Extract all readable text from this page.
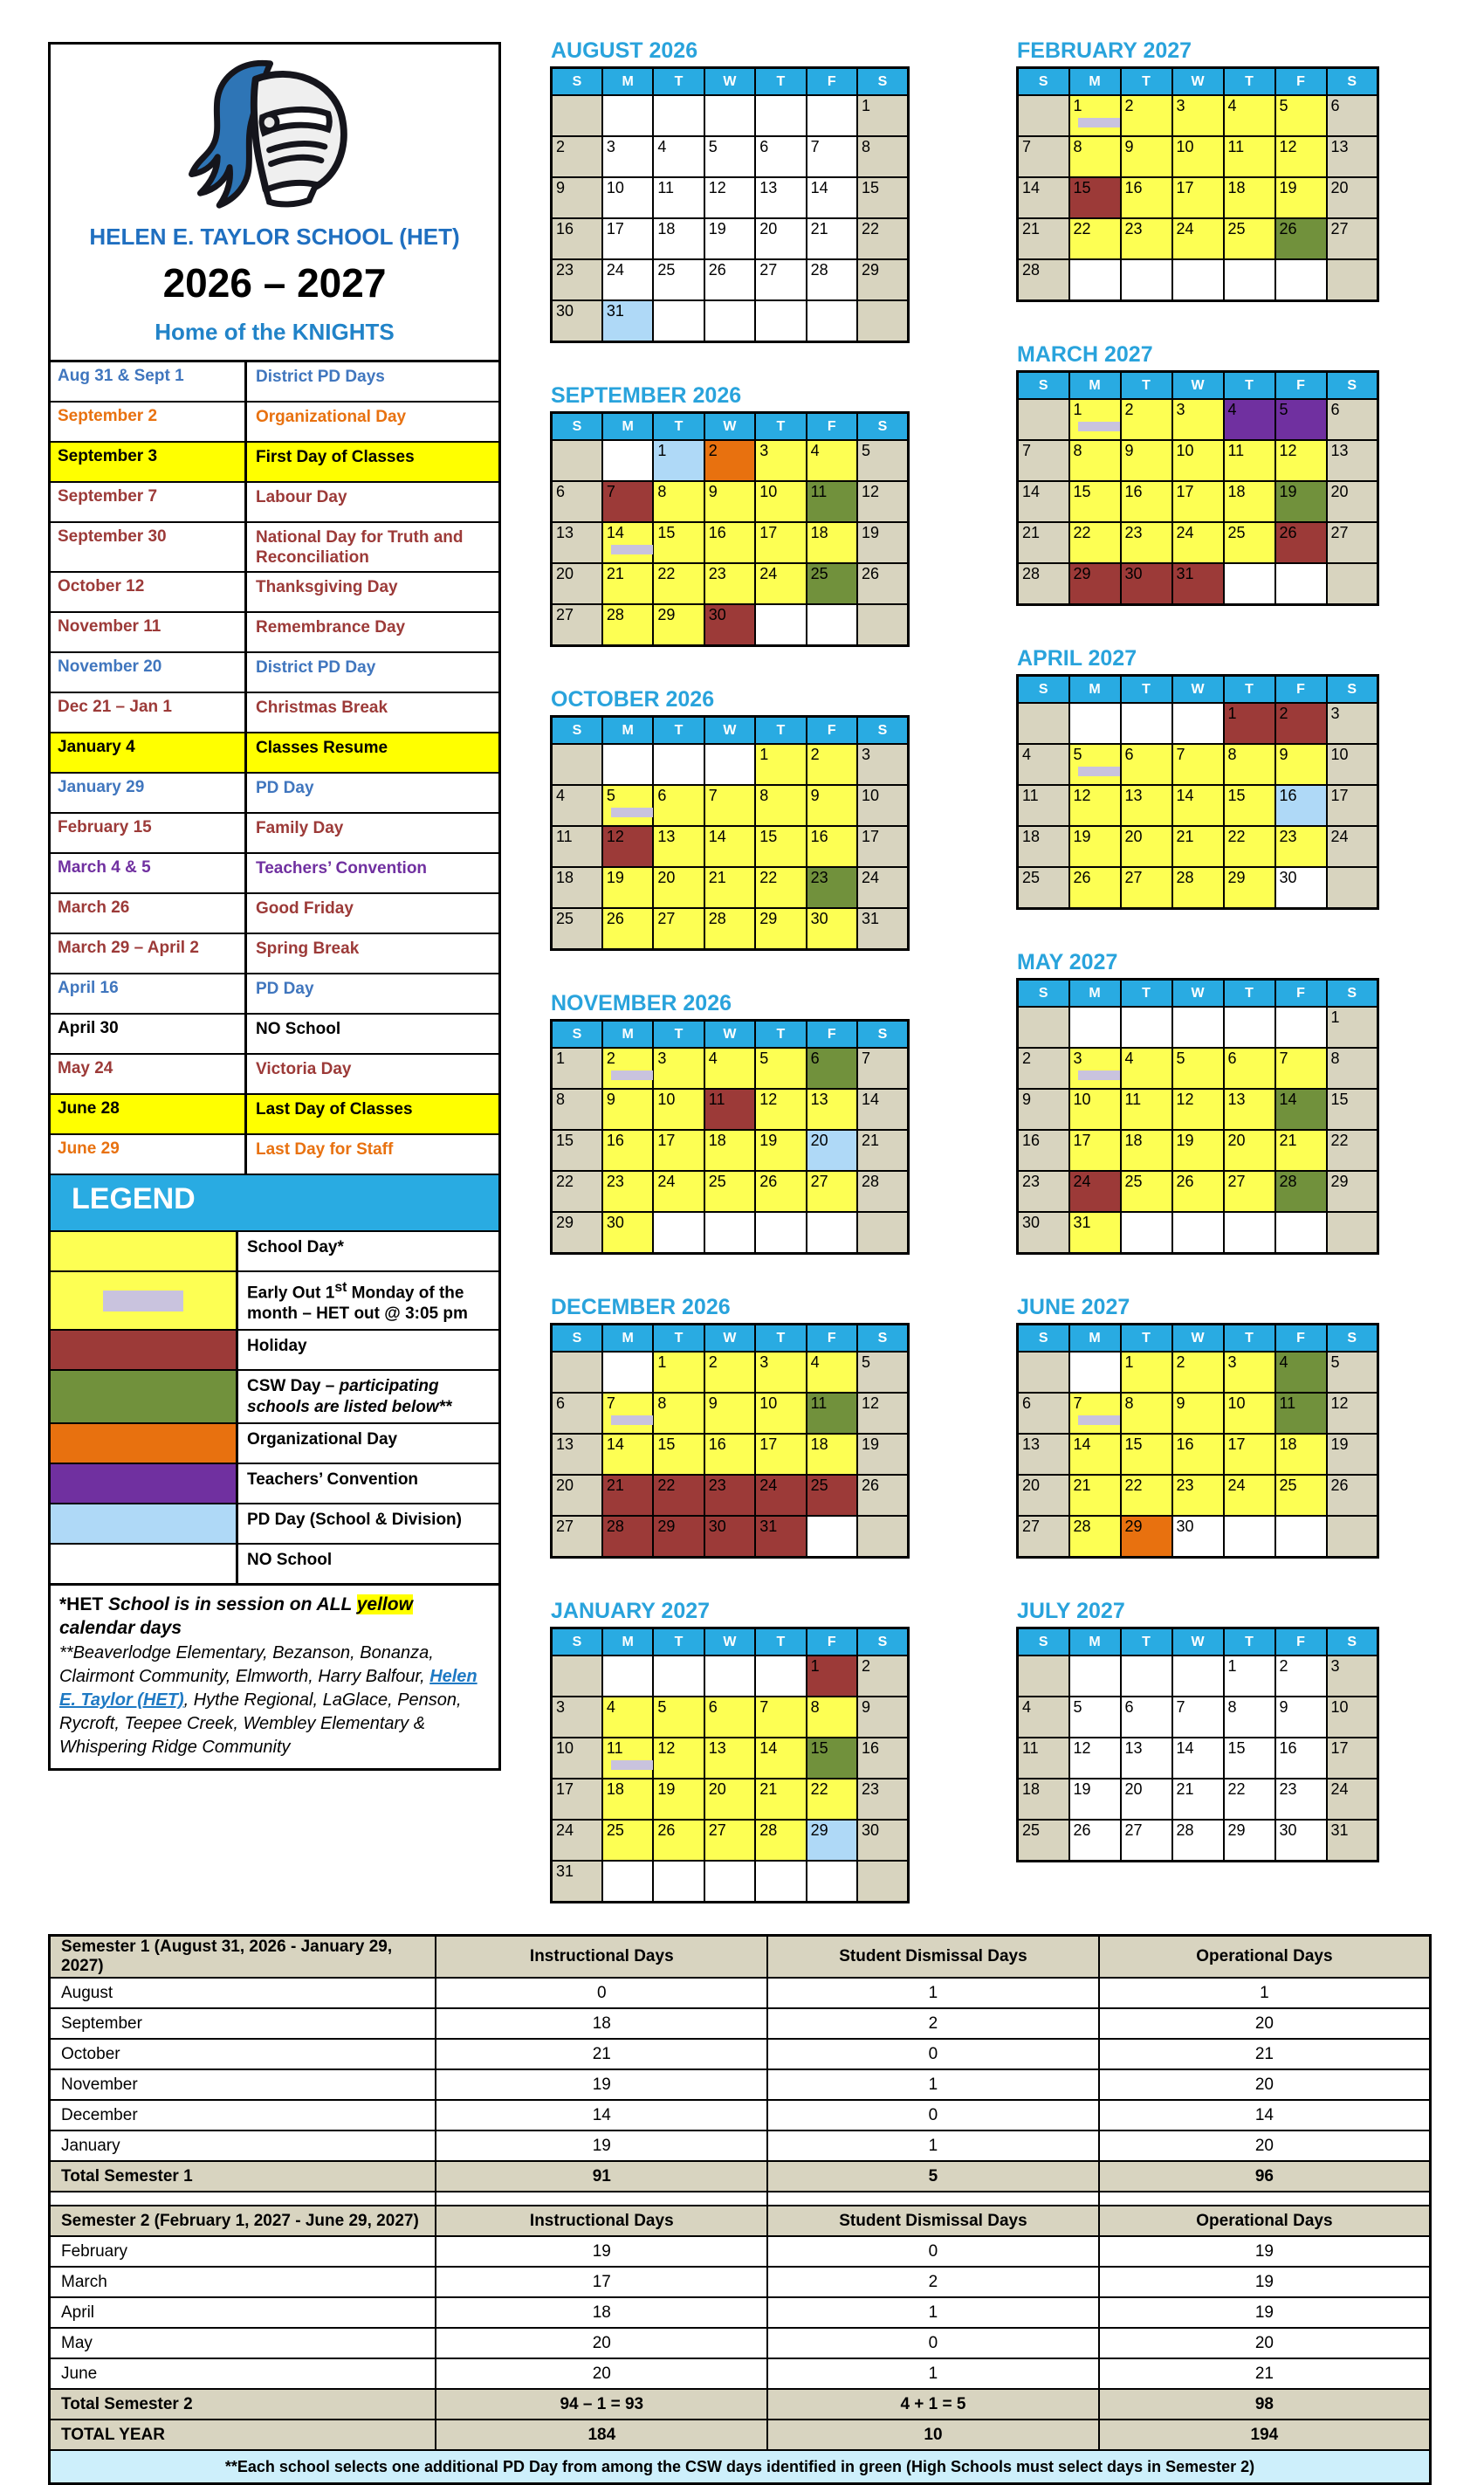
HELEN E. TAYLOR SCHOOL (HET)
2026 – 2027
Home of the KNIGHTS
Aug 31 & Sept 1	District PD Days
September 2	Organizational Day
September 3	First Day of Classes
September 7	Labour Day
September 30	National Day for Truth and Reconciliation
October 12	Thanksgiving Day
November 11	Remembrance Day
November 20	District PD Day
Dec 21 – Jan 1	Christmas Break
January 4	Classes Resume
January 29	PD Day
February 15	Family Day
March 4 & 5	Teachers’ Convention
March 26	Good Friday
March 29 – April 2	Spring Break
April 16	PD Day
April 30	NO School
May 24	Victoria Day
June 28	Last Day of Classes
June 29	Last Day for Staff
LEGEND
School Day*
Early Out 1st Monday of the month – HET out @ 3:05 pm
Holiday
CSW Day – participating schools are listed below**
Organizational Day
Teachers’ Convention
PD Day (School & Division)
NO School
*HET School is in session on ALL yellow calendar days
**Beaverlodge Elementary, Bezanson, Bonanza, Clairmont Community, Elmworth, Harry Balfour, Helen E. Taylor (HET), Hythe Regional, LaGlace, Penson, Rycroft, Teepee Creek, Wembley Elementary & Whispering Ridge Community
AUGUST 2026
S	M	T	W	T	F	S
						1
2	3	4	5	6	7	8
9	10	11	12	13	14	15
16	17	18	19	20	21	22
23	24	25	26	27	28	29
30	31					
SEPTEMBER 2026
S	M	T	W	T	F	S
		1	2	3	4	5
6	7	8	9	10	11	12
13	14	15	16	17	18	19
20	21	22	23	24	25	26
27	28	29	30			
OCTOBER 2026
S	M	T	W	T	F	S
				1	2	3
4	5	6	7	8	9	10
11	12	13	14	15	16	17
18	19	20	21	22	23	24
25	26	27	28	29	30	31
NOVEMBER 2026
S	M	T	W	T	F	S
1	2	3	4	5	6	7
8	9	10	11	12	13	14
15	16	17	18	19	20	21
22	23	24	25	26	27	28
29	30					
DECEMBER 2026
S	M	T	W	T	F	S
		1	2	3	4	5
6	7	8	9	10	11	12
13	14	15	16	17	18	19
20	21	22	23	24	25	26
27	28	29	30	31		
JANUARY 2027
S	M	T	W	T	F	S
					1	2
3	4	5	6	7	8	9
10	11	12	13	14	15	16
17	18	19	20	21	22	23
24	25	26	27	28	29	30
31						
FEBRUARY 2027
S	M	T	W	T	F	S
	1	2	3	4	5	6
7	8	9	10	11	12	13
14	15	16	17	18	19	20
21	22	23	24	25	26	27
28						
MARCH 2027
S	M	T	W	T	F	S
	1	2	3	4	5	6
7	8	9	10	11	12	13
14	15	16	17	18	19	20
21	22	23	24	25	26	27
28	29	30	31			
APRIL 2027
S	M	T	W	T	F	S
				1	2	3
4	5	6	7	8	9	10
11	12	13	14	15	16	17
18	19	20	21	22	23	24
25	26	27	28	29	30	
MAY 2027
S	M	T	W	T	F	S
						1
2	3	4	5	6	7	8
9	10	11	12	13	14	15
16	17	18	19	20	21	22
23	24	25	26	27	28	29
30	31					
JUNE 2027
S	M	T	W	T	F	S
		1	2	3	4	5
6	7	8	9	10	11	12
13	14	15	16	17	18	19
20	21	22	23	24	25	26
27	28	29	30			
JULY 2027
S	M	T	W	T	F	S
				1	2	3
4	5	6	7	8	9	10
11	12	13	14	15	16	17
18	19	20	21	22	23	24
25	26	27	28	29	30	31
Semester 1 (August 31, 2026 - January 29, 2027)	Instructional Days	Student Dismissal Days	Operational Days
August	0	1	1
September	18	2	20
October	21	0	21
November	19	1	20
December	14	0	14
January	19	1	20
Total Semester 1	91	5	96

Semester 2 (February 1, 2027 - June 29, 2027)	Instructional Days	Student Dismissal Days	Operational Days
February	19	0	19
March	17	2	19
April	18	1	19
May	20	0	20
June	20	1	21
Total Semester 2	94 – 1 = 93	4 + 1 = 5	98
TOTAL YEAR	184	10	194
**Each school selects one additional PD Day from among the CSW days identified in green (High Schools must select days in Semester 2)			
